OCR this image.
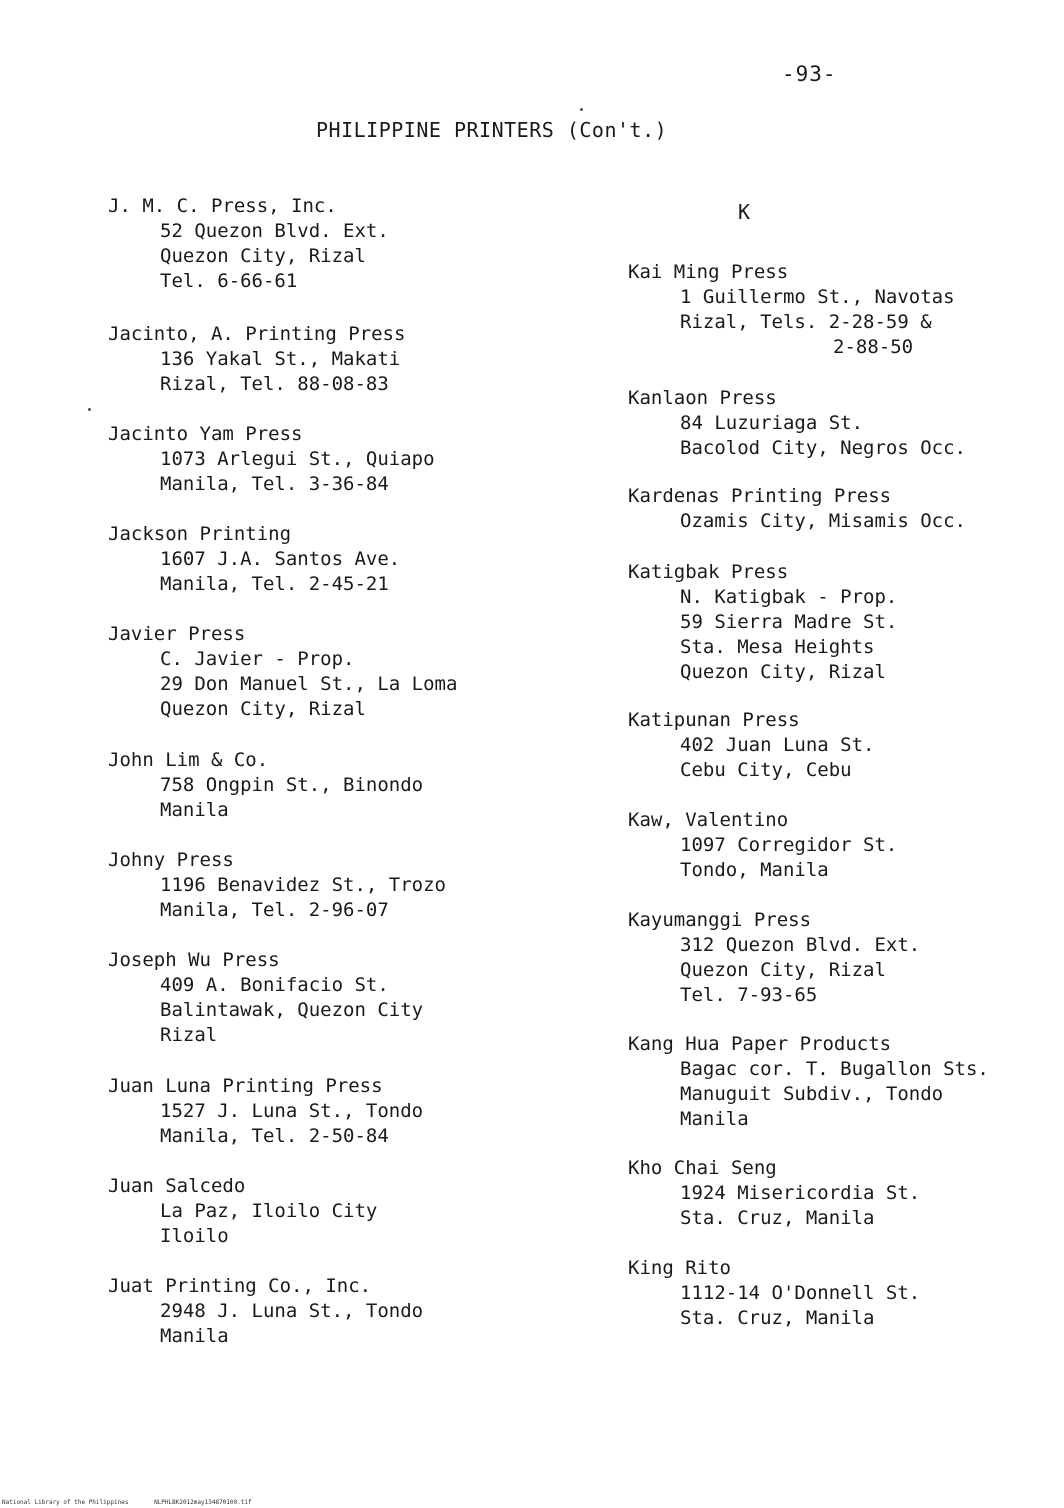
-93-
PHILIPPINE PRINTERS (Con't.)
J. M. C. Press, Inc.
52 Quezon Blvd. Ext.
Quezon City, Rizal
Tel. 6-66-61
Jacinto, A. Printing Press
136 Yakal St., Makati
Rizal, Tel. 88-08-83
Jacinto Yam Press
1073 Arlegui St., Quiapo
Manila, Tel. 3-36-84
Jackson Printing
1607 J.A. Santos Ave.
Manila, Tel. 2-45-21
Javier Press
C. Javier - Prop.
29 Don Manuel St., La Loma
Quezon City, Rizal
John Lim & Co.
758 Ongpin St., Binondo
Manila
Johny Press
1196 Benavidez St., Trozo
Manila, Tel. 2-96-07
Joseph Wu Press
409 A. Bonifacio St.
Balintawak, Quezon City
Rizal
Juan Luna Printing Press
1527 J. Luna St., Tondo
Manila, Tel. 2-50-84
Juan Salcedo
La Paz, Iloilo City
Iloilo
Juat Printing Co., Inc.
2948 J. Luna St., Tondo
Manila
K
Kai Ming Press
1 Guillermo St., Navotas
Rizal, Tels. 2-28-59 &
2-88-50
Kanlaon Press
84 Luzuriaga St.
Bacolod City, Negros Occ.
Kardenas Printing Press
Ozamis City, Misamis Occ.
Katigbak Press
N. Katigbak - Prop.
59 Sierra Madre St.
Sta. Mesa Heights
Quezon City, Rizal
Katipunan Press
402 Juan Luna St.
Cebu City, Cebu
Kaw, Valentino
1097 Corregidor St.
Tondo, Manila
Kayumanggi Press
312 Quezon Blvd. Ext.
Quezon City, Rizal
Tel. 7-93-65
Kang Hua Paper Products
Bagac cor. T. Bugallon Sts.
Manuguit Subdiv., Tondo
Manila
Kho Chai Seng
1924 Misericordia St.
Sta. Cruz, Manila
King Rito
1112-14 O'Donnell St.
Sta. Cruz, Manila
National Library of the Philippines	NLPHLBK2012may134870100.tif
